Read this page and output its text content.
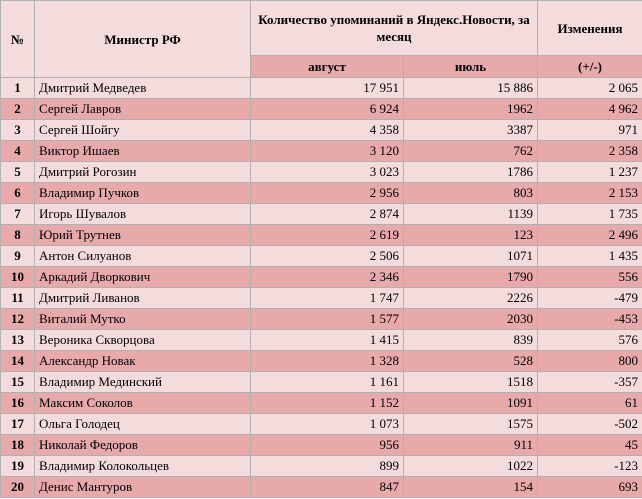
№	Министр РФ	Количество упоминаний в Яндекс.Новости, за месяц		Изменения
		август	июль	(+/-)
1	Дмитрий Медведев	17 951	15 886	2 065
2	Сергей Лавров	6 924	1962	4 962
3	Сергей Шойгу	4 358	3387	971
4	Виктор Ишаев	3 120	762	2 358
5	Дмитрий Рогозин	3 023	1786	1 237
6	Владимир Пучков	2 956	803	2 153
7	Игорь Шувалов	2 874	1139	1 735
8	Юрий Трутнев	2 619	123	2 496
9	Антон Силуанов	2 506	1071	1 435
10	Аркадий Дворкович	2 346	1790	556
11	Дмитрий Ливанов	1 747	2226	-479
12	Виталий Мутко	1 577	2030	-453
13	Вероника Скворцова	1 415	839	576
14	Александр Новак	1 328	528	800
15	Владимир Мединский	1 161	1518	-357
16	Максим Соколов	1 152	1091	61
17	Ольга Голодец	1 073	1575	-502
18	Николай Федоров	956	911	45
19	Владимир Колокольцев	899	1022	-123
20	Денис Мантуров	847	154	693
